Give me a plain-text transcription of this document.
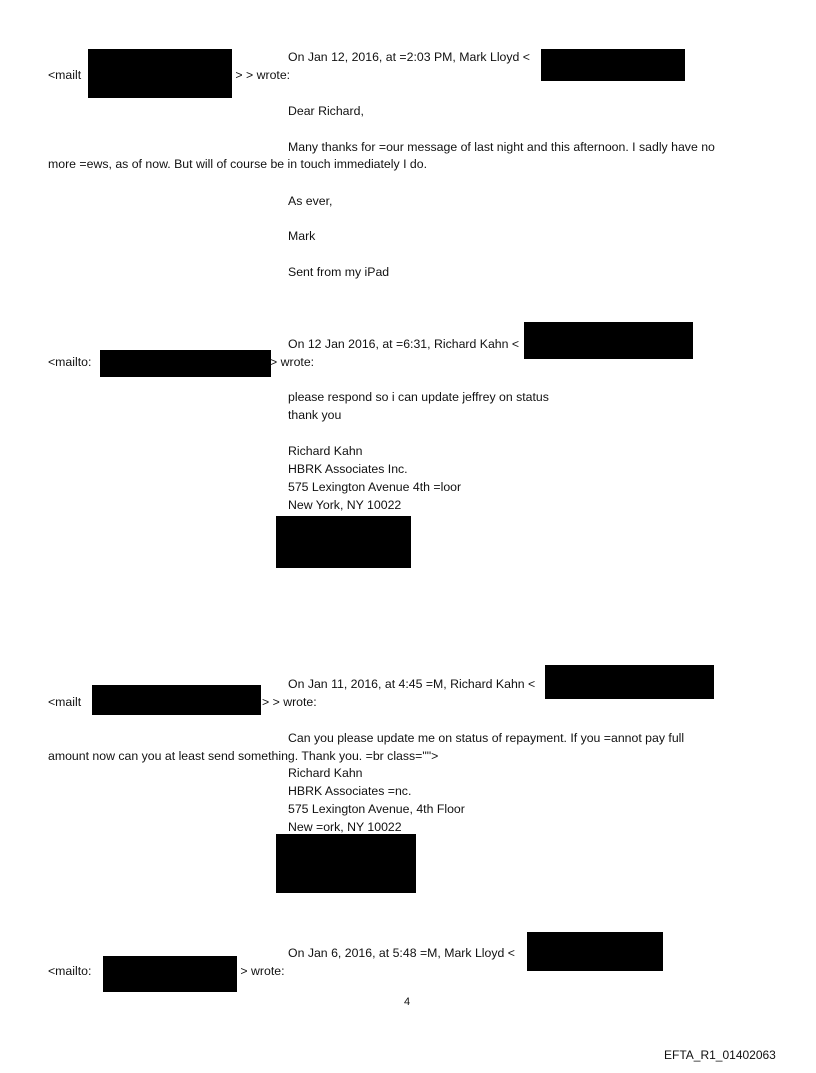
On Jan 12, 2016, at =2:03 PM, Mark Lloyd <
<mailt	> > wrote:
Dear Richard,
Many thanks for =our message of last night and this afternoon. I sadly have no
more =ews, as of now. But will of course be in touch immediately I do.
As ever,
Mark
Sent from my iPad
On 12 Jan 2016, at =6:31, Richard Kahn <
<mailto:	> wrote:
please respond so i can update jeffrey on status
thank you
Richard Kahn
HBRK Associates Inc.
575 Lexington Avenue 4th =loor
New York, NY 10022
On Jan 11, 2016, at 4:45 =M, Richard Kahn <
<mailt	> > wrote:
Can you please update me on status of repayment. If you =annot pay full
amount now can you at least send something. Thank you. =br class="">
Richard Kahn
HBRK Associates =nc.
575 Lexington Avenue, 4th Floor
New =ork, NY 10022
On Jan 6, 2016, at 5:48 =M, Mark Lloyd <
<mailto:	> wrote:
4
EFTA_R1_01402063
